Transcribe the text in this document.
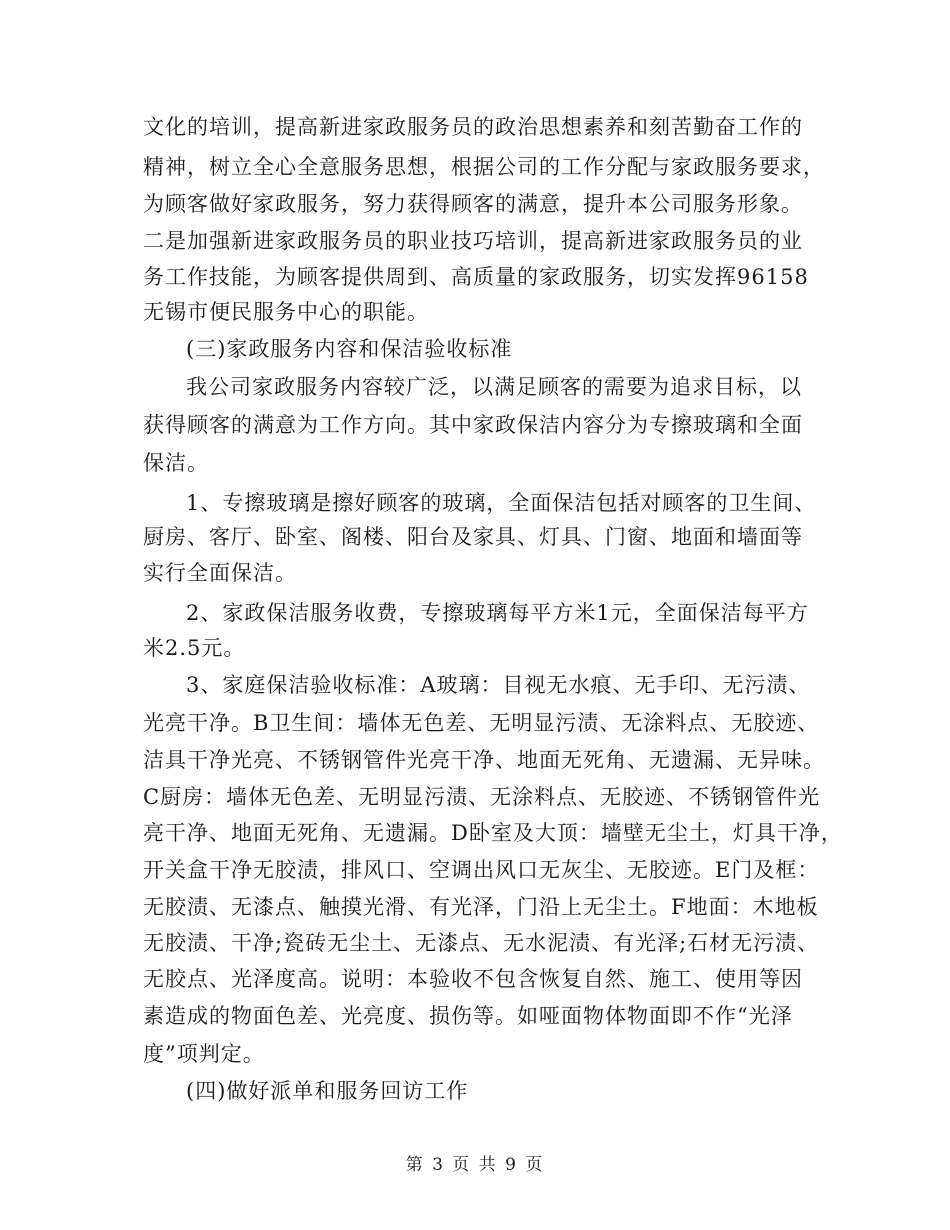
文化的培训，提高新进家政服务员的政治思想素养和刻苦勤奋工作的
精神，树立全心全意服务思想，根据公司的工作分配与家政服务要求，
为顾客做好家政服务，努力获得顾客的满意，提升本公司服务形象。
二是加强新进家政服务员的职业技巧培训，提高新进家政服务员的业
务工作技能，为顾客提供周到、高质量的家政服务，切实发挥96158
无锡市便民服务中心的职能。
(三)家政服务内容和保洁验收标准
我公司家政服务内容较广泛，以满足顾客的需要为追求目标，以
获得顾客的满意为工作方向。其中家政保洁内容分为专擦玻璃和全面
保洁。
1、专擦玻璃是擦好顾客的玻璃，全面保洁包括对顾客的卫生间、
厨房、客厅、卧室、阁楼、阳台及家具、灯具、门窗、地面和墙面等
实行全面保洁。
2、家政保洁服务收费，专擦玻璃每平方米1元，全面保洁每平方
米2.5元。
3、家庭保洁验收标准：A玻璃：目视无水痕、无手印、无污渍、
光亮干净。B卫生间：墙体无色差、无明显污渍、无涂料点、无胶迹、
洁具干净光亮、不锈钢管件光亮干净、地面无死角、无遗漏、无异味。
C厨房：墙体无色差、无明显污渍、无涂料点、无胶迹、不锈钢管件光
亮干净、地面无死角、无遗漏。D卧室及大顶：墙壁无尘土，灯具干净，
开关盒干净无胶渍，排风口、空调出风口无灰尘、无胶迹。E门及框：
无胶渍、无漆点、触摸光滑、有光泽，门沿上无尘土。F地面：木地板
无胶渍、干净;瓷砖无尘土、无漆点、无水泥渍、有光泽;石材无污渍、
无胶点、光泽度高。说明：本验收不包含恢复自然、施工、使用等因
素造成的物面色差、光亮度、损伤等。如哑面物体物面即不作“光泽
度”项判定。
(四)做好派单和服务回访工作
第 3 页 共 9 页
